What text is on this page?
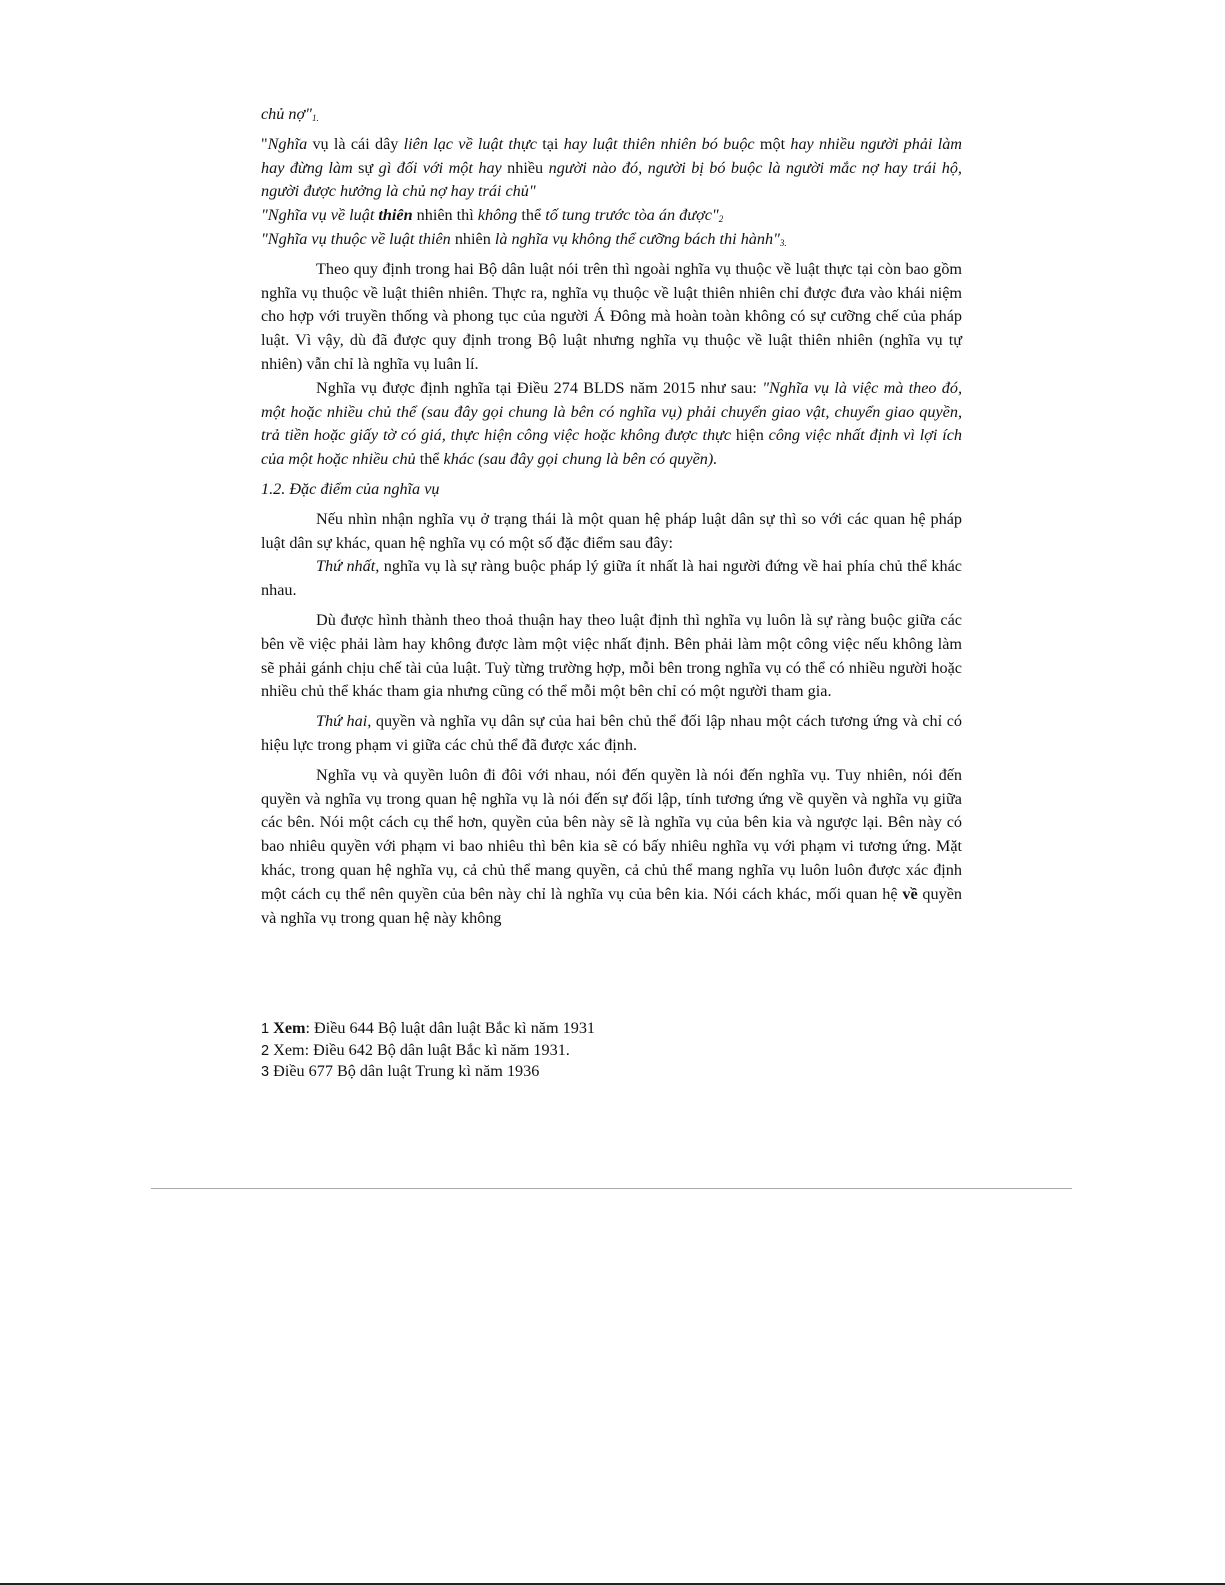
chủ $nợ"_{1.}$

"Nghĩa vụ là cái dây liên lạc về luật thực tại hay luật thiên nhiên bó buộc một hay nhiều người phải làm hay đừng làm sự gì đối với một hay nhiều người nào đó, người bị bó buộc là người mắc nợ hay trái hộ, người được hưởng là chủ nợ hay trái chủ"

"Nghĩa vụ về luật thiên nhiên thì không thể tố tung trước tòa án $được"_2$

"Nghĩa vụ thuộc về luật thiên nhiên là nghĩa vụ không thể cưỡng bách thi $hành"_{3.}$

Theo quy định trong hai Bộ dân luật nói trên thì ngoài nghĩa vụ thuộc về luật thực tại còn bao gồm nghĩa vụ thuộc về luật thiên nhiên. Thực ra, nghĩa vụ thuộc về luật thiên nhiên chỉ được đưa vào khái niệm cho hợp với truyền thống và phong tục của người Á Đông mà hoàn toàn không có sự cưỡng chế của pháp luật. Vì vậy, dù đã được quy định trong Bộ luật nhưng nghĩa vụ thuộc về luật thiên nhiên (nghĩa vụ tự nhiên) vẫn chỉ là nghĩa vụ luân lí.

Nghĩa vụ được định nghĩa tại Điều 274 BLDS năm 2015 như sau: "Nghĩa vụ là việc mà theo đó, một hoặc nhiều chủ thể (sau đây gọi chung là bên có nghĩa vụ) phải chuyển giao vật, chuyển giao quyền, trả tiền hoặc giấy tờ có giá, thực hiện công việc hoặc không được thực hiện công việc nhất định vì lợi ích của một hoặc nhiều chủ thể khác (sau đây gọi chung là bên có quyền).

1.2. Đặc điểm của nghĩa vụ

Nếu nhìn nhận nghĩa vụ ở trạng thái là một quan hệ pháp luật dân sự thì so với các quan hệ pháp luật dân sự khác, quan hệ nghĩa vụ có một số đặc điểm sau đây:

Thứ nhất, nghĩa vụ là sự ràng buộc pháp lý giữa ít nhất là hai người đứng về hai phía chủ thể khác nhau.

Dù được hình thành theo thoả thuận hay theo luật định thì nghĩa vụ luôn là sự ràng buộc giữa các bên về việc phải làm hay không được làm một việc nhất định. Bên phải làm một công việc nếu không làm sẽ phải gánh chịu chế tài của luật. Tuỳ từng trường hợp, mỗi bên trong nghĩa vụ có thể có nhiều người hoặc nhiều chủ thể khác tham gia nhưng cũng có thể mỗi một bên chỉ có một người tham gia.

Thứ hai, quyền và nghĩa vụ dân sự của hai bên chủ thể đối lập nhau một cách tương ứng và chỉ có hiệu lực trong phạm vi giữa các chủ thể đã được xác định.

Nghĩa vụ và quyền luôn đi đôi với nhau, nói đến quyền là nói đến nghĩa vụ. Tuy nhiên, nói đến quyền và nghĩa vụ trong quan hệ nghĩa vụ là nói đến sự đối lập, tính tương ứng về quyền và nghĩa vụ giữa các bên. Nói một cách cụ thể hơn, quyền của bên này sẽ là nghĩa vụ của bên kia và ngược lại. Bên này có bao nhiêu quyền với phạm vi bao nhiêu thì bên kia sẽ có bấy nhiêu nghĩa vụ với phạm vi tương ứng. Mặt khác, trong quan hệ nghĩa vụ, cả chủ thể mang quyền, cả chủ thể mang nghĩa vụ luôn luôn được xác định một cách cụ thể nên quyền của bên này chỉ là nghĩa vụ của bên kia. Nói cách khác, mối quan hệ về quyền và nghĩa vụ trong quan hệ này không

1 Xem: Điều 644 Bộ luật dân luật Bắc kì năm 1931
2 Xem: Điều 642 Bộ dân luật Bắc kì năm 1931.
3 Điều 677 Bộ dân luật Trung kì năm 1936
